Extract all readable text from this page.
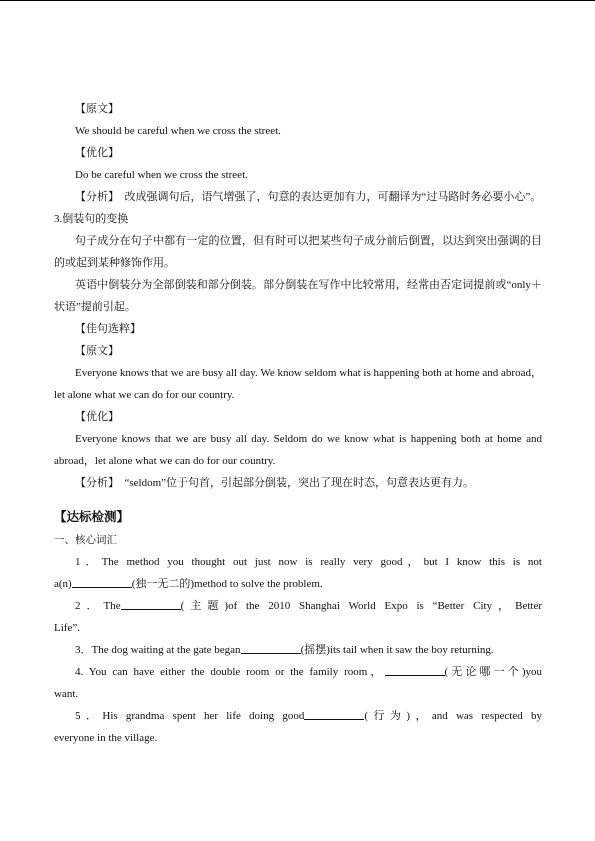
【原文】

We should be careful when we cross the street.

【优化】

Do be careful when we cross the street.

【分析】　改成强调句后，语气增强了，句意的表达更加有力，可翻译为“过马路时务必要小心”。

3.倒装句的变换

句子成分在句子中都有一定的位置，但有时可以把某些句子成分前后倒置，以达到突出强调的目的或起到某种修饰作用。

英语中倒装分为全部倒装和部分倒装。部分倒装在写作中比较常用，经常由否定词提前或“only＋状语”提前引起。

【佳句选粹】

【原文】

Everyone knows that we are busy all day. We know seldom what is happening both at home and abroad，let alone what we can do for our country.

【优化】

Everyone knows that we are busy all day. Seldom do we know what is happening both at home and abroad，let alone what we can do for our country.

【分析】　“seldom”位于句首，引起部分倒装，突出了现在时态，句意表达更有力。

【达标检测】

一、核心词汇

1．The method you thought out just now is really very good，but I know this is not

a(n)	(独一无二的)method to solve the problem.

2．The	(主题)of the 2010 Shanghai World Expo is “Better City，Better

Life”.

3．The dog waiting at the gate began	(摇摆)its tail when it saw the boy returning.

4. You can have either the double room or the family room，	(无论哪一个)you

want.

5．His grandma spent her life doing good	(行为)，and was respected by

everyone in the village.
